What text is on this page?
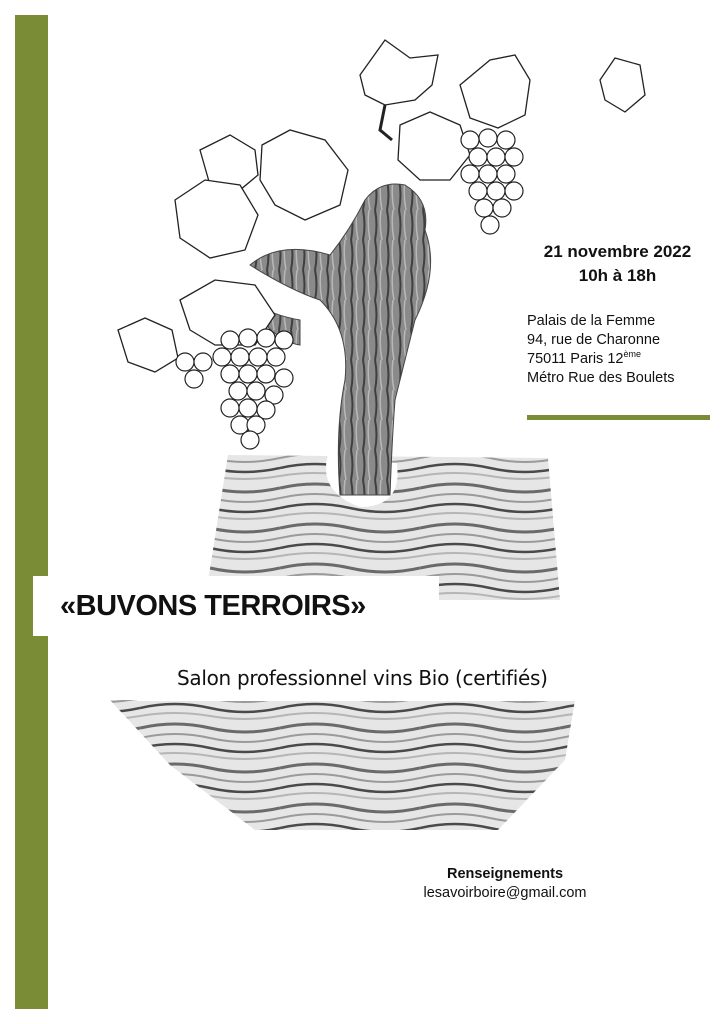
21 novembre 2022
10h à 18h
Palais de la Femme
94, rue de Charonne
75011 Paris 12ème
Métro Rue des Boulets
«BUVONS TERROIRS»
Salon professionnel vins Bio (certifiés)
Renseignements
lesavoirboire@gmail.com
